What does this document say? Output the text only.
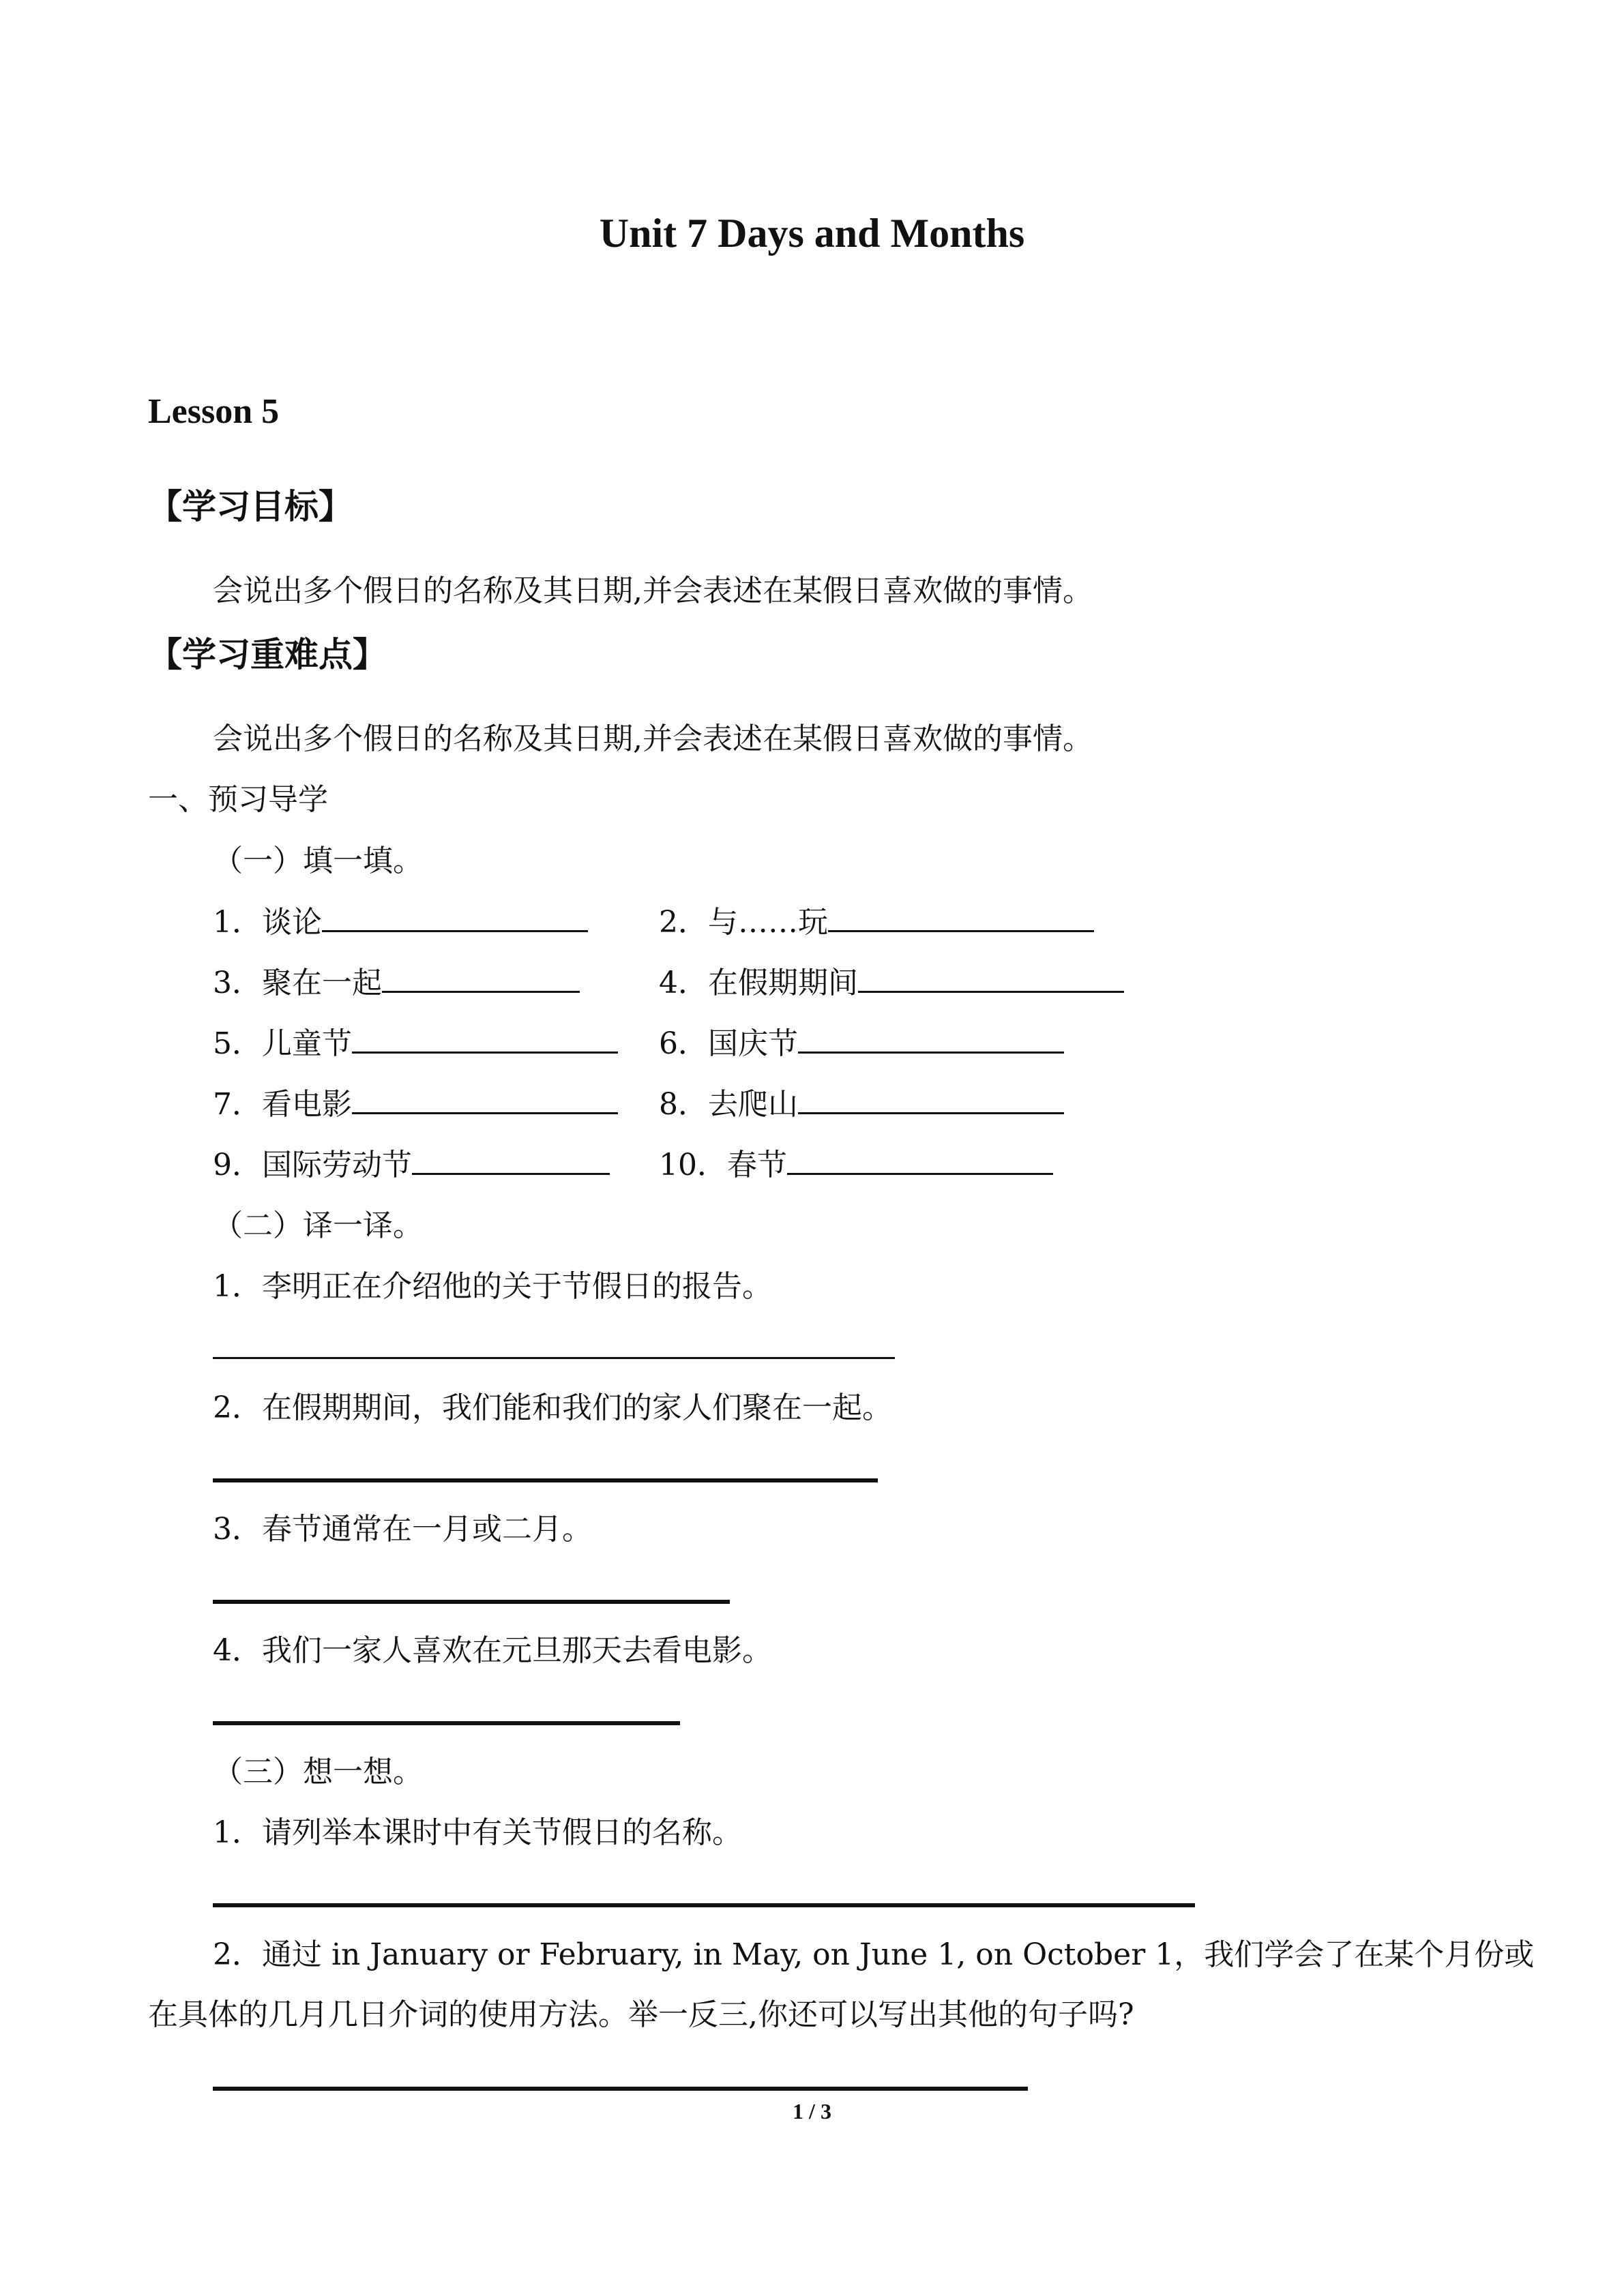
Unit 7 Days and Months
Lesson 5
【学习目标】
会说出多个假日的名称及其日期,并会表述在某假日喜欢做的事情。
【学习重难点】
会说出多个假日的名称及其日期,并会表述在某假日喜欢做的事情。
一、预习导学
（一）填一填。
1．谈论	2．与……玩
3．聚在一起	4．在假期期间
5．儿童节	6．国庆节
7．看电影	8．去爬山
9．国际劳动节	10．春节
（二）译一译。
1．李明正在介绍他的关于节假日的报告。
2．在假期期间，我们能和我们的家人们聚在一起。
3．春节通常在一月或二月。
4．我们一家人喜欢在元旦那天去看电影。
（三）想一想。
1．请列举本课时中有关节假日的名称。
2．通过 in January or February, in May, on June 1, on October 1，我们学会了在某个月份或
在具体的几月几日介词的使用方法。举一反三,你还可以写出其他的句子吗?
1 / 3
